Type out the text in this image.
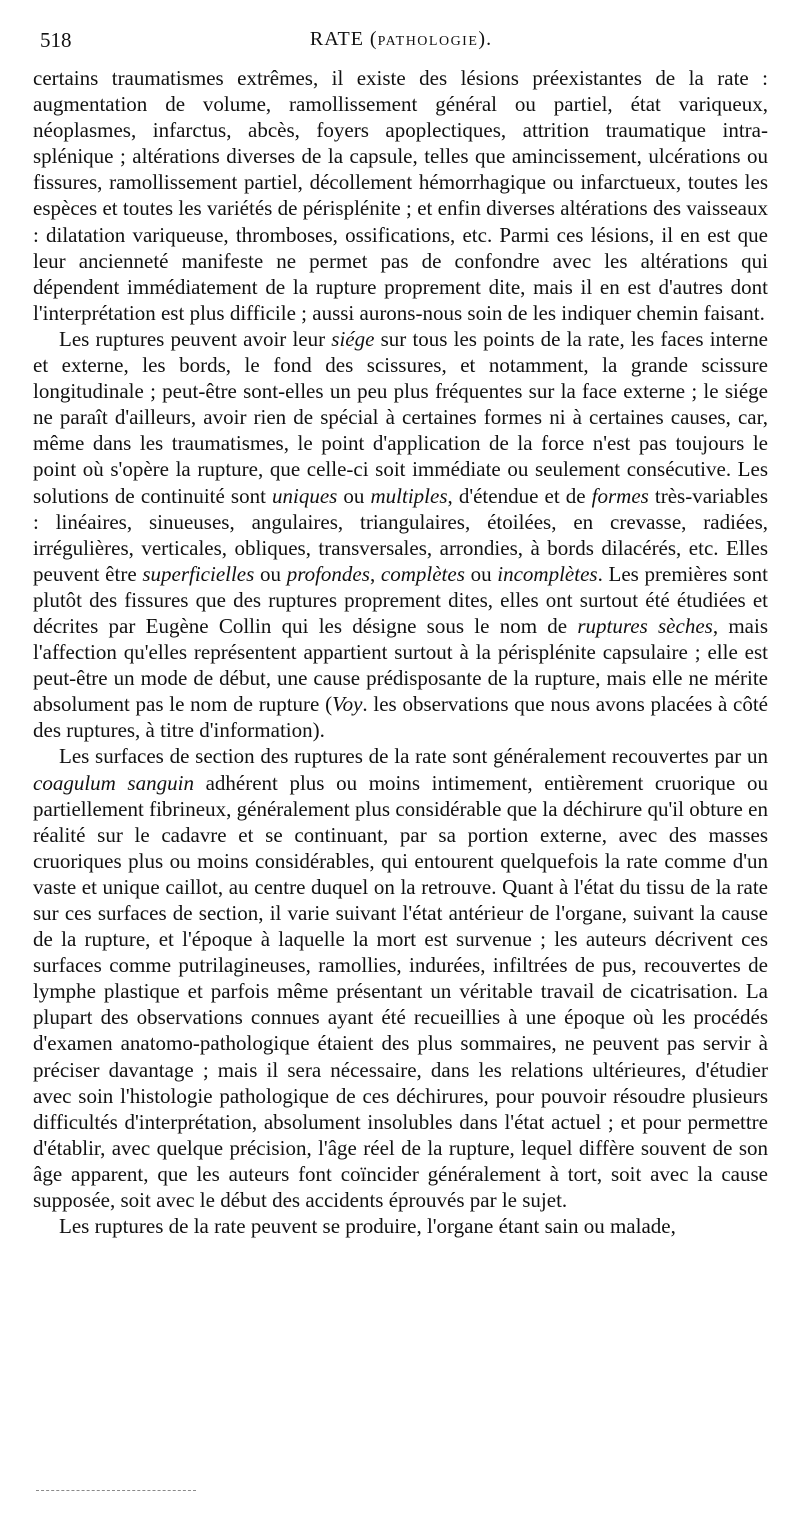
518	RATE (PATHOLOGIE).

certains traumatismes extrêmes, il existe des lésions préexistantes de la rate : augmentation de volume, ramollissement général ou partiel, état variqueux, néoplasmes, infarctus, abcès, foyers apoplectiques, attrition traumatique intra-splénique ; altérations diverses de la capsule, telles que amincissement, ulcérations ou fissures, ramollissement partiel, décollement hémorrhagique ou infarctueux, toutes les espèces et toutes les variétés de périsplénite ; et enfin diverses altérations des vaisseaux : dilatation variqueuse, thromboses, ossifications, etc. Parmi ces lésions, il en est que leur ancienneté manifeste ne permet pas de confondre avec les altérations qui dépendent immédiatement de la rupture proprement dite, mais il en est d'autres dont l'interprétation est plus difficile ; aussi aurons-nous soin de les indiquer chemin faisant.

Les ruptures peuvent avoir leur siége sur tous les points de la rate, les faces interne et externe, les bords, le fond des scissures, et notamment, la grande scissure longitudinale ; peut-être sont-elles un peu plus fréquentes sur la face externe ; le siége ne paraît d'ailleurs, avoir rien de spécial à certaines formes ni à certaines causes, car, même dans les traumatismes, le point d'application de la force n'est pas toujours le point où s'opère la rupture, que celle-ci soit immédiate ou seulement consécutive. Les solutions de continuité sont uniques ou multiples, d'étendue et de formes très-variables : linéaires, sinueuses, angulaires, triangulaires, étoilées, en crevasse, radiées, irrégulières, verticales, obliques, transversales, arrondies, à bords dilacérés, etc. Elles peuvent être superficielles ou profondes, complètes ou incomplètes. Les premières sont plutôt des fissures que des ruptures proprement dites, elles ont surtout été étudiées et décrites par Eugène Collin qui les désigne sous le nom de ruptures sèches, mais l'affection qu'elles représentent appartient surtout à la périsplénite capsulaire ; elle est peut-être un mode de début, une cause prédisposante de la rupture, mais elle ne mérite absolument pas le nom de rupture (Voy. les observations que nous avons placées à côté des ruptures, à titre d'information).

Les surfaces de section des ruptures de la rate sont généralement recouvertes par un coagulum sanguin adhérent plus ou moins intimement, entièrement cruorique ou partiellement fibrineux, généralement plus considérable que la déchirure qu'il obture en réalité sur le cadavre et se continuant, par sa portion externe, avec des masses cruoriques plus ou moins considérables, qui entourent quelquefois la rate comme d'un vaste et unique caillot, au centre duquel on la retrouve. Quant à l'état du tissu de la rate sur ces surfaces de section, il varie suivant l'état antérieur de l'organe, suivant la cause de la rupture, et l'époque à laquelle la mort est survenue ; les auteurs décrivent ces surfaces comme putrilagineuses, ramollies, indurées, infiltrées de pus, recouvertes de lymphe plastique et parfois même présentant un véritable travail de cicatrisation. La plupart des observations connues ayant été recueillies à une époque où les procédés d'examen anatomo-pathologique étaient des plus sommaires, ne peuvent pas servir à préciser davantage ; mais il sera nécessaire, dans les relations ultérieures, d'étudier avec soin l'histologie pathologique de ces déchirures, pour pouvoir résoudre plusieurs difficultés d'interprétation, absolument insolubles dans l'état actuel ; et pour permettre d'établir, avec quelque précision, l'âge réel de la rupture, lequel diffère souvent de son âge apparent, que les auteurs font coïncider généralement à tort, soit avec la cause supposée, soit avec le début des accidents éprouvés par le sujet.

Les ruptures de la rate peuvent se produire, l'organe étant sain ou malade,
